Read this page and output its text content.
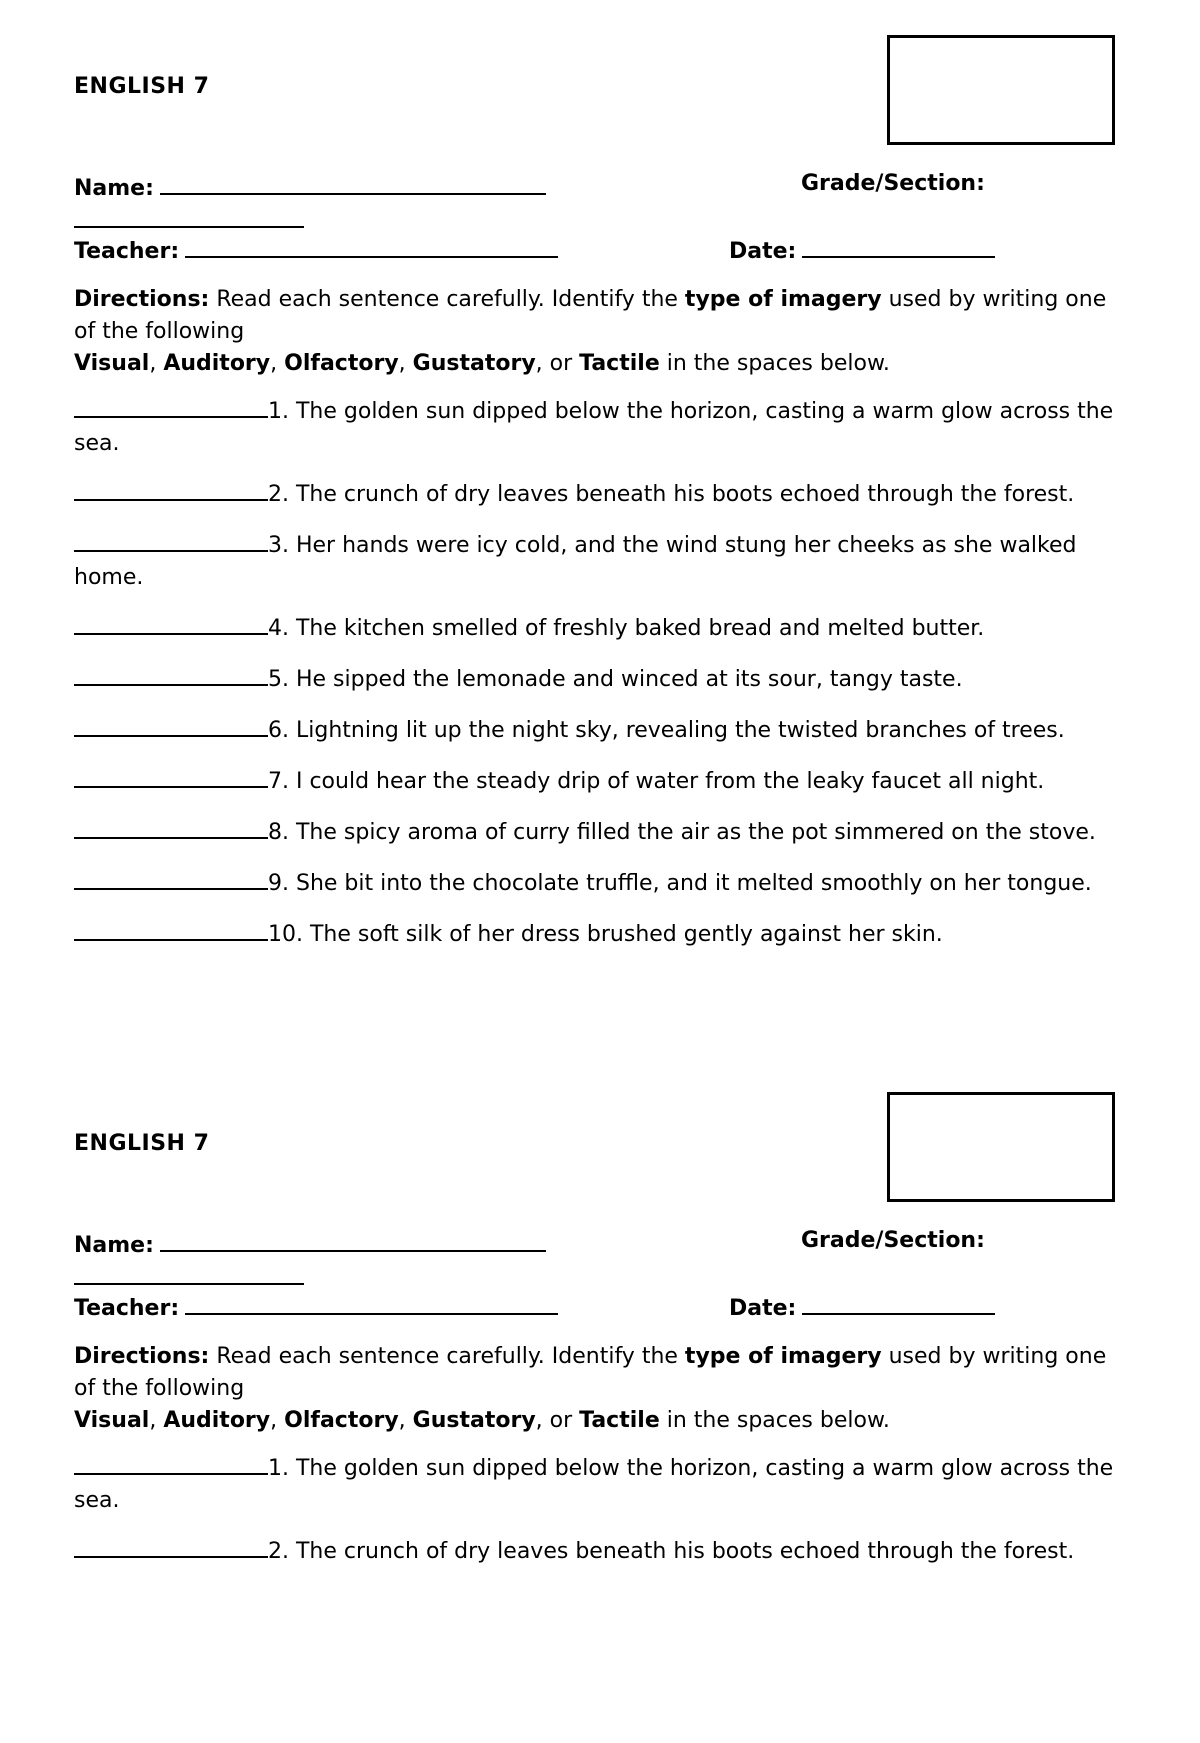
ENGLISH 7
Name:	Grade/Section:
Teacher:	Date:
Directions: Read each sentence carefully. Identify the type of imagery used by writing one of the following
Visual, Auditory, Olfactory, Gustatory, or Tactile in the spaces below.
1. The golden sun dipped below the horizon, casting a warm glow across the sea.
2. The crunch of dry leaves beneath his boots echoed through the forest.
3. Her hands were icy cold, and the wind stung her cheeks as she walked home.
4. The kitchen smelled of freshly baked bread and melted butter.
5. He sipped the lemonade and winced at its sour, tangy taste.
6. Lightning lit up the night sky, revealing the twisted branches of trees.
7. I could hear the steady drip of water from the leaky faucet all night.
8. The spicy aroma of curry filled the air as the pot simmered on the stove.
9. She bit into the chocolate truffle, and it melted smoothly on her tongue.
10. The soft silk of her dress brushed gently against her skin.
ENGLISH 7
Name:	Grade/Section:
Teacher:	Date:
Directions: Read each sentence carefully. Identify the type of imagery used by writing one of the following
Visual, Auditory, Olfactory, Gustatory, or Tactile in the spaces below.
1. The golden sun dipped below the horizon, casting a warm glow across the sea.
2. The crunch of dry leaves beneath his boots echoed through the forest.
